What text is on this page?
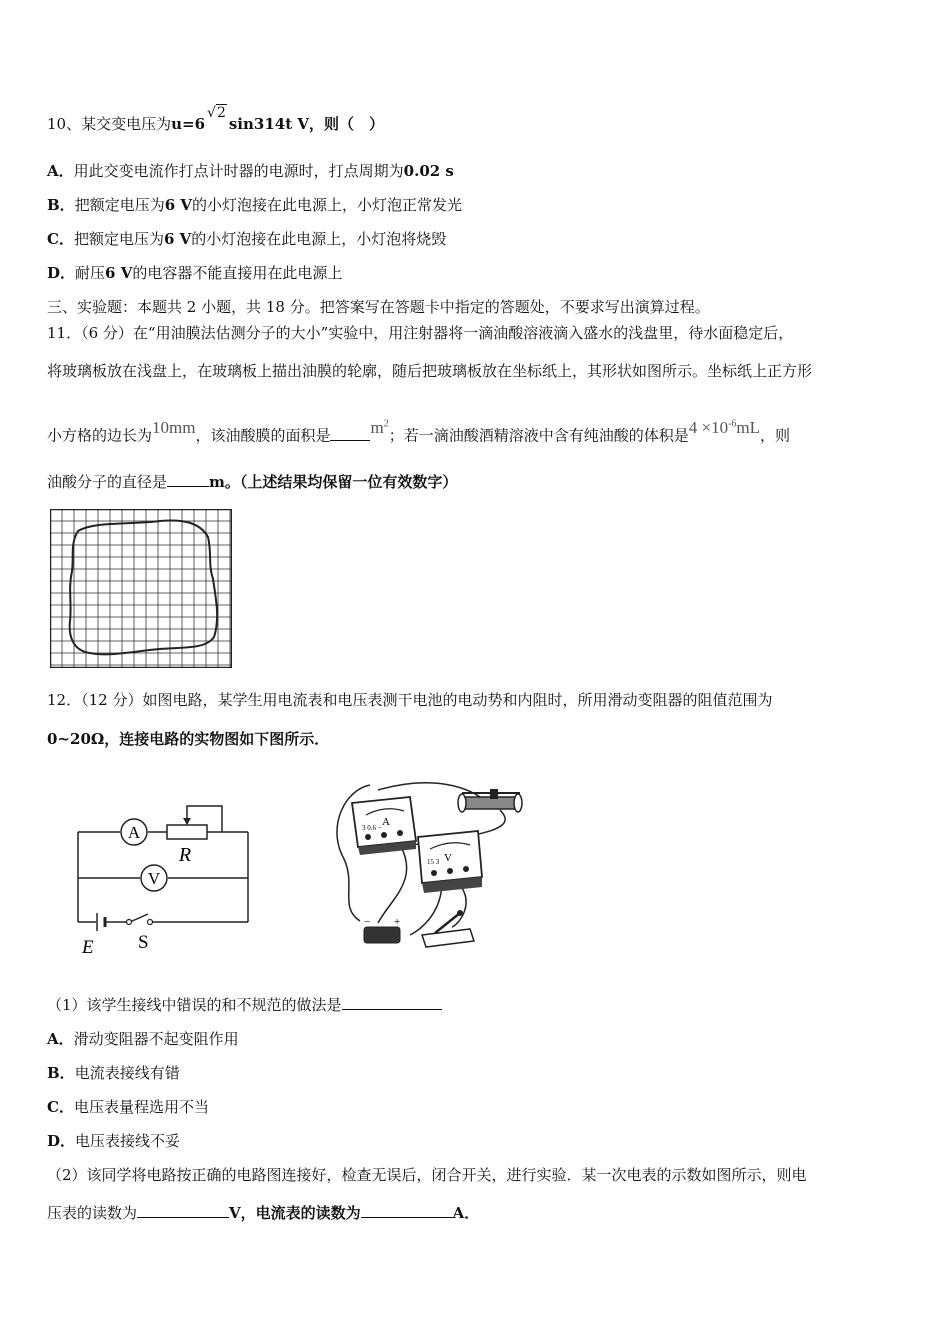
10、某交变电压为u=6√2sin314t V，则（　）
A．用此交变电流作打点计时器的电源时，打点周期为0.02 s
B．把额定电压为6 V的小灯泡接在此电源上，小灯泡正常发光
C．把额定电压为6 V的小灯泡接在此电源上，小灯泡将烧毁
D．耐压6 V的电容器不能直接用在此电源上
三、实验题：本题共 2 小题，共 18 分。把答案写在答题卡中指定的答题处，不要求写出演算过程。
11．（6 分）在“用油膜法估测分子的大小”实验中，用注射器将一滴油酸溶液滴入盛水的浅盘里，待水面稳定后，
将玻璃板放在浅盘上，在玻璃板上描出油膜的轮廓，随后把玻璃板放在坐标纸上，其形状如图所示。坐标纸上正方形
小方格的边长为10mm，该油酸膜的面积是 $m^2$；若一滴油酸酒精溶液中含有纯油酸的体积是$4 \times 10^{-6}mL$，则
油酸分子的直径是	m。（上述结果均保留一位有效数字）
12．（12 分）如图电路，某学生用电流表和电压表测干电池的电动势和内阻时，所用滑动变阻器的阻值范围为
0~20Ω，连接电路的实物图如下图所示．
A
R
V
E S
A
3 0.6 −
V
15 3
− +
（1）该学生接线中错误的和不规范的做法是
A．滑动变阻器不起变阻作用
B．电流表接线有错
C．电压表量程选用不当
D．电压表接线不妥
（2）该同学将电路按正确的电路图连接好，检查无误后，闭合开关，进行实验．某一次电表的示数如图所示，则电
压表的读数为	V，电流表的读数为	A．
